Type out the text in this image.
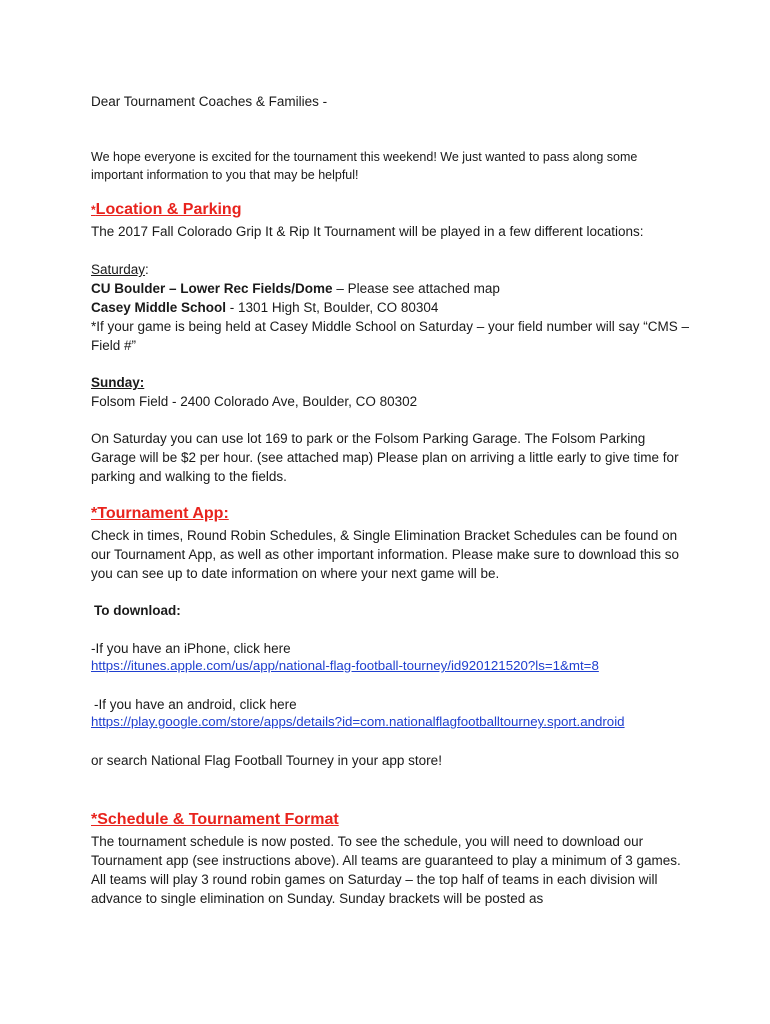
Dear Tournament Coaches & Families -

We hope everyone is excited for the tournament this weekend! We just wanted to pass along some important information to you that may be helpful!

*Location & Parking

The 2017 Fall Colorado Grip It & Rip It Tournament will be played in a few different locations:

Saturday:

CU Boulder – Lower Rec Fields/Dome – Please see attached map

Casey Middle School - 1301 High St, Boulder, CO 80304

*If your game is being held at Casey Middle School on Saturday – your field number will say “CMS – Field #”

Sunday:

Folsom Field - 2400 Colorado Ave, Boulder, CO 80302

On Saturday you can use lot 169 to park or the Folsom Parking Garage. The Folsom Parking Garage will be $2 per hour. (see attached map) Please plan on arriving a little early to give time for parking and walking to the fields.

*Tournament App:

Check in times, Round Robin Schedules, & Single Elimination Bracket Schedules can be found on our Tournament App, as well as other important information. Please make sure to download this so you can see up to date information on where your next game will be.

To download:

-If you have an iPhone, click here

https://itunes.apple.com/us/app/national-flag-football-tourney/id920121520?ls=1&mt=8

-If you have an android, click here

https://play.google.com/store/apps/details?id=com.nationalflagfootballtourney.sport.android

or search National Flag Football Tourney in your app store!

*Schedule & Tournament Format

The tournament schedule is now posted. To see the schedule, you will need to download our Tournament app (see instructions above). All teams are guaranteed to play a minimum of 3 games. All teams will play 3 round robin games on Saturday – the top half of teams in each division will advance to single elimination on Sunday. Sunday brackets will be posted as
